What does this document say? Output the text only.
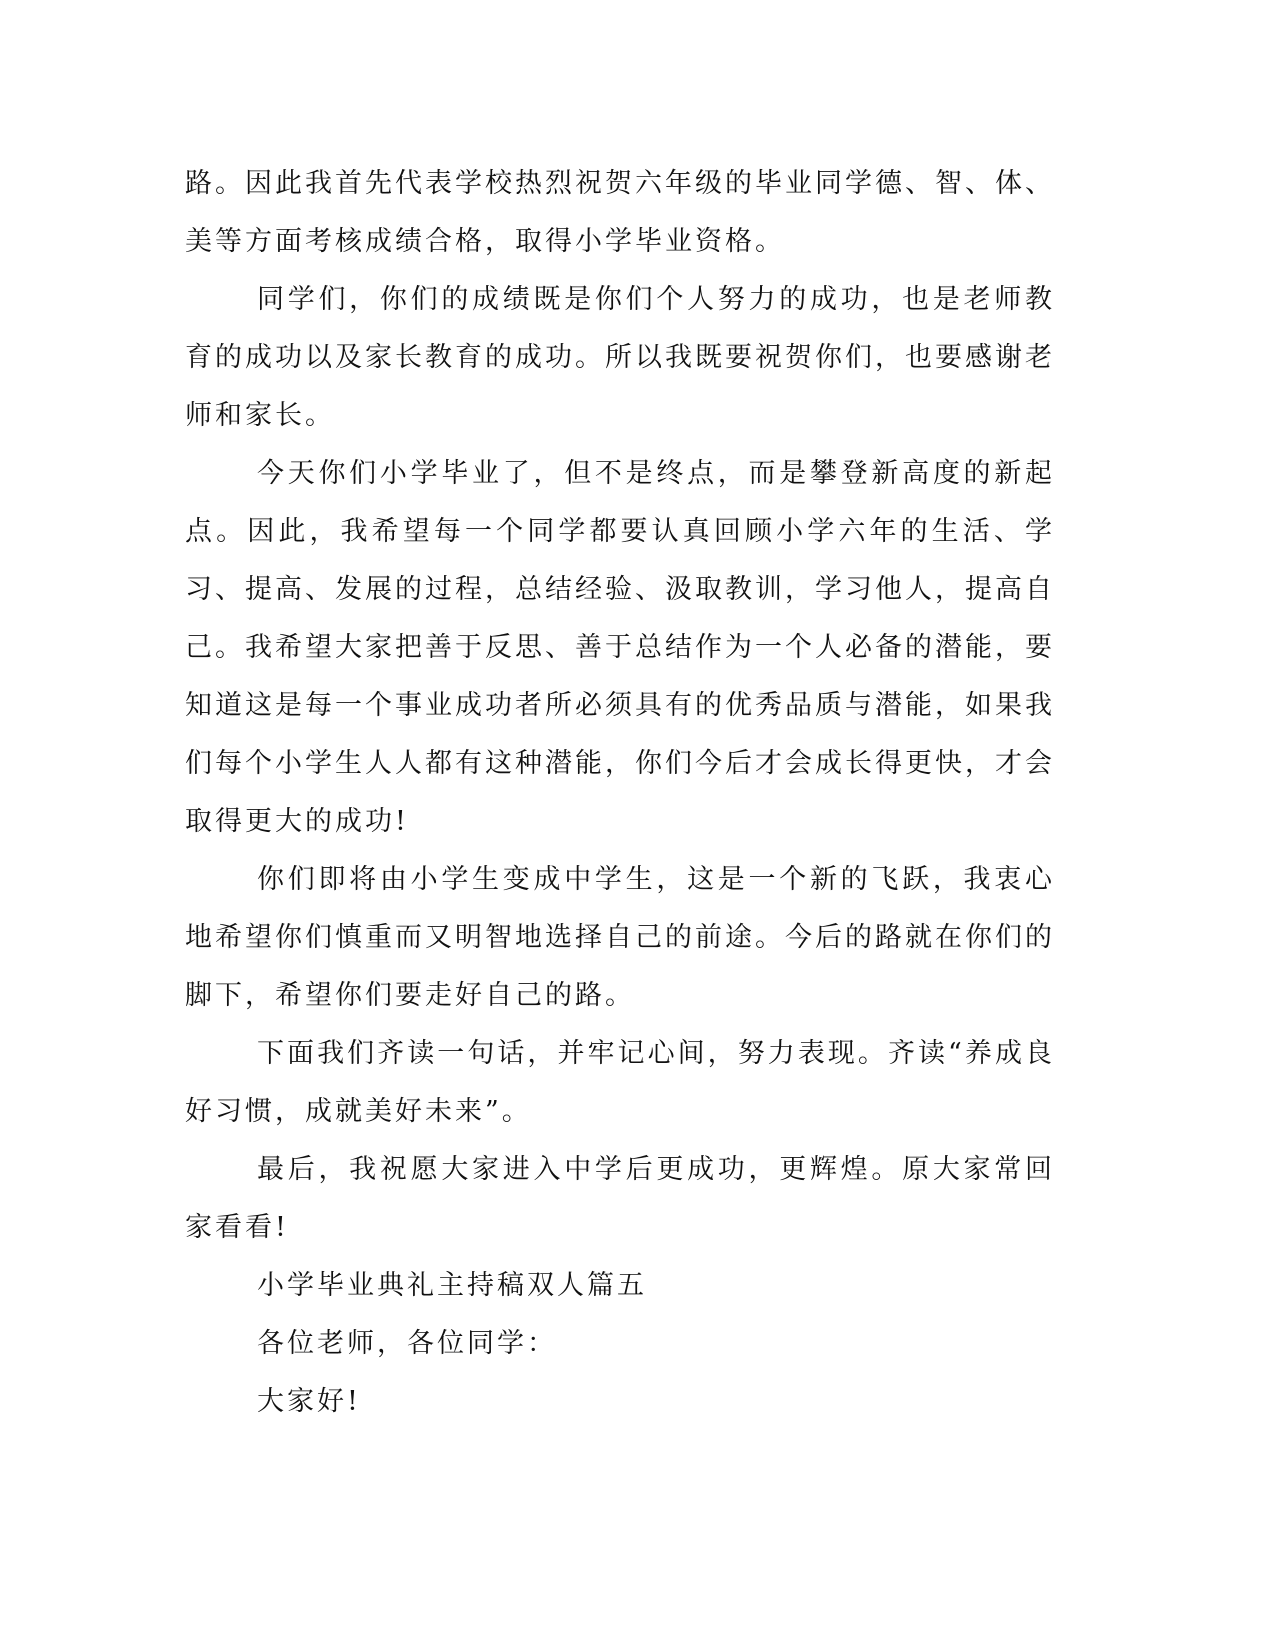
路。因此我首先代表学校热烈祝贺六年级的毕业同学德、智、体、美等方面考核成绩合格，取得小学毕业资格。

同学们，你们的成绩既是你们个人努力的成功，也是老师教育的成功以及家长教育的成功。所以我既要祝贺你们，也要感谢老师和家长。

今天你们小学毕业了，但不是终点，而是攀登新高度的新起点。因此，我希望每一个同学都要认真回顾小学六年的生活、学习、提高、发展的过程，总结经验、汲取教训，学习他人，提高自己。我希望大家把善于反思、善于总结作为一个人必备的潜能，要知道这是每一个事业成功者所必须具有的优秀品质与潜能，如果我们每个小学生人人都有这种潜能，你们今后才会成长得更快，才会取得更大的成功!

你们即将由小学生变成中学生，这是一个新的飞跃，我衷心地希望你们慎重而又明智地选择自己的前途。今后的路就在你们的脚下，希望你们要走好自己的路。

下面我们齐读一句话，并牢记心间，努力表现。齐读“养成良好习惯，成就美好未来”。

最后，我祝愿大家进入中学后更成功，更辉煌。原大家常回家看看!

小学毕业典礼主持稿双人篇五

各位老师，各位同学：

大家好!
